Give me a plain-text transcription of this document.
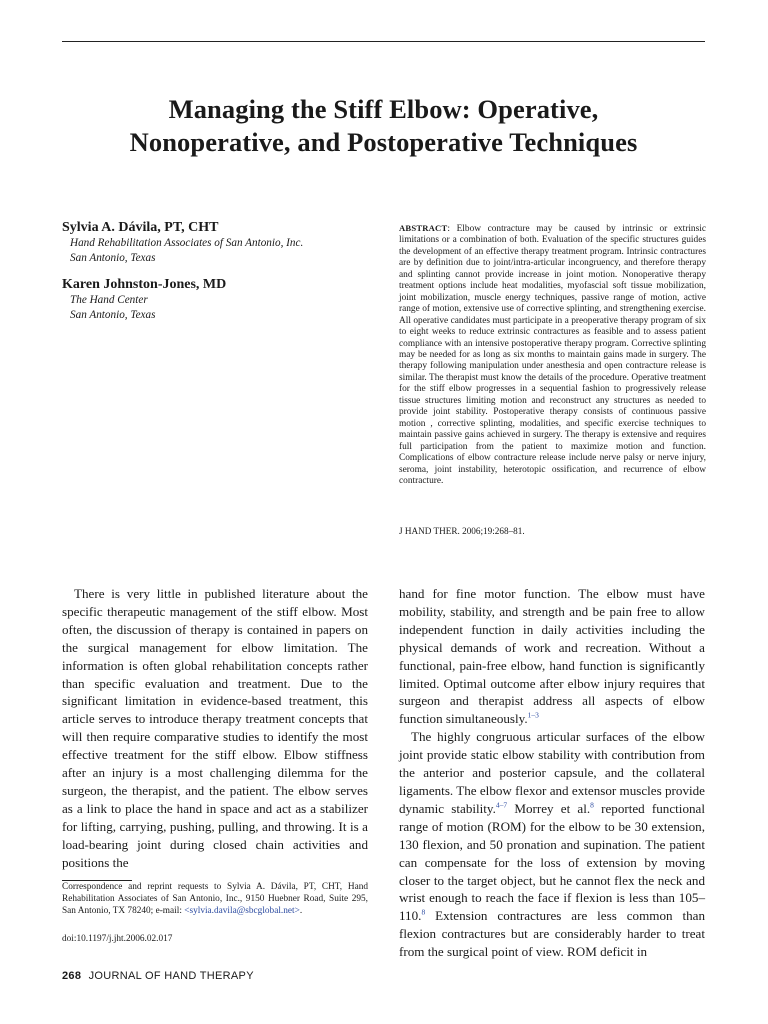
Managing the Stiff Elbow: Operative,
Nonoperative, and Postoperative Techniques
Sylvia A. Dávila, PT, CHT
Hand Rehabilitation Associates of San Antonio, Inc.
San Antonio, Texas
Karen Johnston-Jones, MD
The Hand Center
San Antonio, Texas

ABSTRACT: Elbow contracture may be caused by intrinsic or extrinsic limitations or a combination of both. Evaluation of the specific structures guides the development of an effective therapy treatment program. Intrinsic contractures are by definition due to joint/intra-articular incongruency, and therefore therapy and splinting cannot provide increase in joint motion. Nonoperative therapy treatment options include heat modalities, myofascial soft tissue mobilization, joint mobilization, muscle energy techniques, passive range of motion, active range of motion, extensive use of corrective splinting, and strengthening exercise. All operative candidates must participate in a preoperative therapy program of six to eight weeks to reduce extrinsic contractures as feasible and to assess patient compliance with an intensive postoperative therapy program. Corrective splinting may be needed for as long as six months to maintain gains made in surgery. The therapy following manipulation under anesthesia and open contracture release is similar. The therapist must know the details of the procedure. Operative treatment for the stiff elbow progresses in a sequential fashion to progressively release tissue structures limiting motion and reconstruct any structures as needed to provide joint stability. Postoperative therapy consists of continuous passive motion , corrective splinting, modalities, and specific exercise techniques to maintain passive gains achieved in surgery. The therapy is extensive and requires full participation from the patient to maximize motion and function. Complications of elbow contracture release include nerve palsy or nerve injury, seroma, joint instability, heterotopic ossification, and recurrence of elbow contracture.

J HAND THER. 2006;19:268–81.

There is very little in published literature about the specific therapeutic management of the stiff elbow. Most often, the discussion of therapy is contained in papers on the surgical management for elbow limitation. The information is often global rehabilitation concepts rather than specific evaluation and treatment. Due to the significant limitation in evidence-based treatment, this article serves to introduce therapy treatment concepts that will then require comparative studies to identify the most effective treatment for the stiff elbow. Elbow stiffness after an injury is a most challenging dilemma for the surgeon, the therapist, and the patient. The elbow serves as a link to place the hand in space and act as a stabilizer for lifting, carrying, pushing, pulling, and throwing. It is a load-bearing joint during closed chain activities and positions the

hand for fine motor function. The elbow must have mobility, stability, and strength and be pain free to allow independent function in daily activities including the physical demands of work and recreation. Without a functional, pain-free elbow, hand function is significantly limited. Optimal outcome after elbow injury requires that surgeon and therapist address all aspects of elbow function simultaneously.$^{1-3}$

The highly congruous articular surfaces of the elbow joint provide static elbow stability with contribution from the anterior and posterior capsule, and the collateral ligaments. The elbow flexor and extensor muscles provide dynamic stability.$^{4-7}$ Morrey et al.$^8$ reported functional range of motion (ROM) for the elbow to be 30 extension, 130 flexion, and 50 pronation and supination. The patient can compensate for the loss of extension by moving closer to the target object, but he cannot flex the neck and wrist enough to reach the face if flexion is less than 105–110.$^8$ Extension contractures are less common than flexion contractures but are considerably harder to treat from the surgical point of view. ROM deficit in

Correspondence and reprint requests to Sylvia A. Dávila, PT, CHT, Hand Rehabilitation Associates of San Antonio, Inc., 9150 Huebner Road, Suite 295, San Antonio, TX 78240; e-mail: <sylvia.davila@sbcglobal.net>.

doi:10.1197/j.jht.2006.02.017
268 JOURNAL OF HAND THERAPY
